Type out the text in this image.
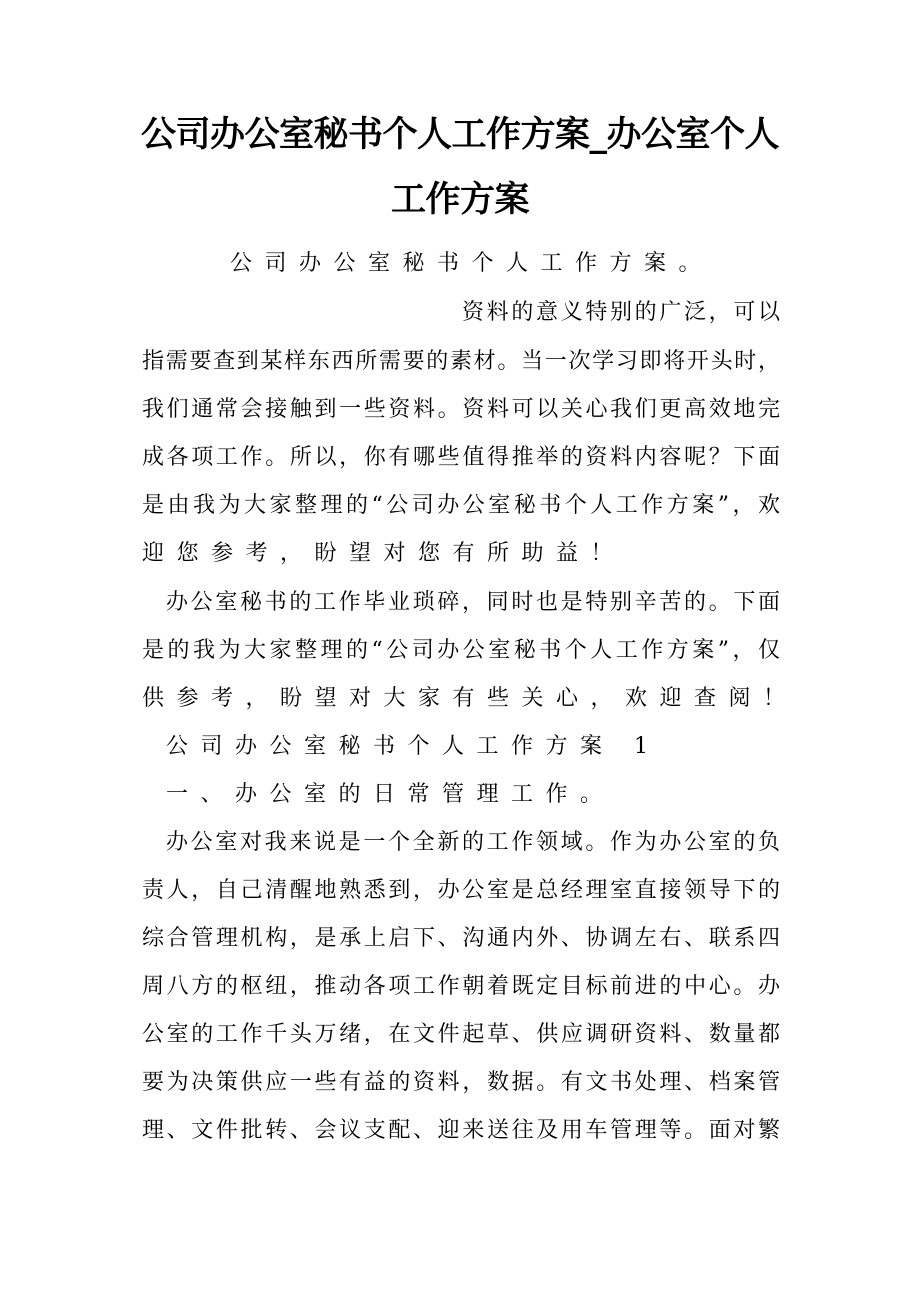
公司办公室秘书个人工作方案_办公室个人
工作方案
公司办公室秘书个人工作方案。
资料的意义特别的广泛，可以
指需要查到某样东西所需要的素材。当一次学习即将开头时，
我们通常会接触到一些资料。资料可以关心我们更高效地完
成各项工作。所以，你有哪些值得推举的资料内容呢？下面
是由我为大家整理的“公司办公室秘书个人工作方案”，欢
迎您参考，盼望对您有所助益！
办公室秘书的工作毕业琐碎，同时也是特别辛苦的。下面
是的我为大家整理的“公司办公室秘书个人工作方案”，仅
供参考，盼望对大家有些关心，欢迎查阅！
公司办公室秘书个人工作方案 1
一、办公室的日常管理工作。
办公室对我来说是一个全新的工作领域。作为办公室的负
责人，自己清醒地熟悉到，办公室是总经理室直接领导下的
综合管理机构，是承上启下、沟通内外、协调左右、联系四
周八方的枢纽，推动各项工作朝着既定目标前进的中心。办
公室的工作千头万绪，在文件起草、供应调研资料、数量都
要为决策供应一些有益的资料，数据。有文书处理、档案管
理、文件批转、会议支配、迎来送往及用车管理等。面对繁
